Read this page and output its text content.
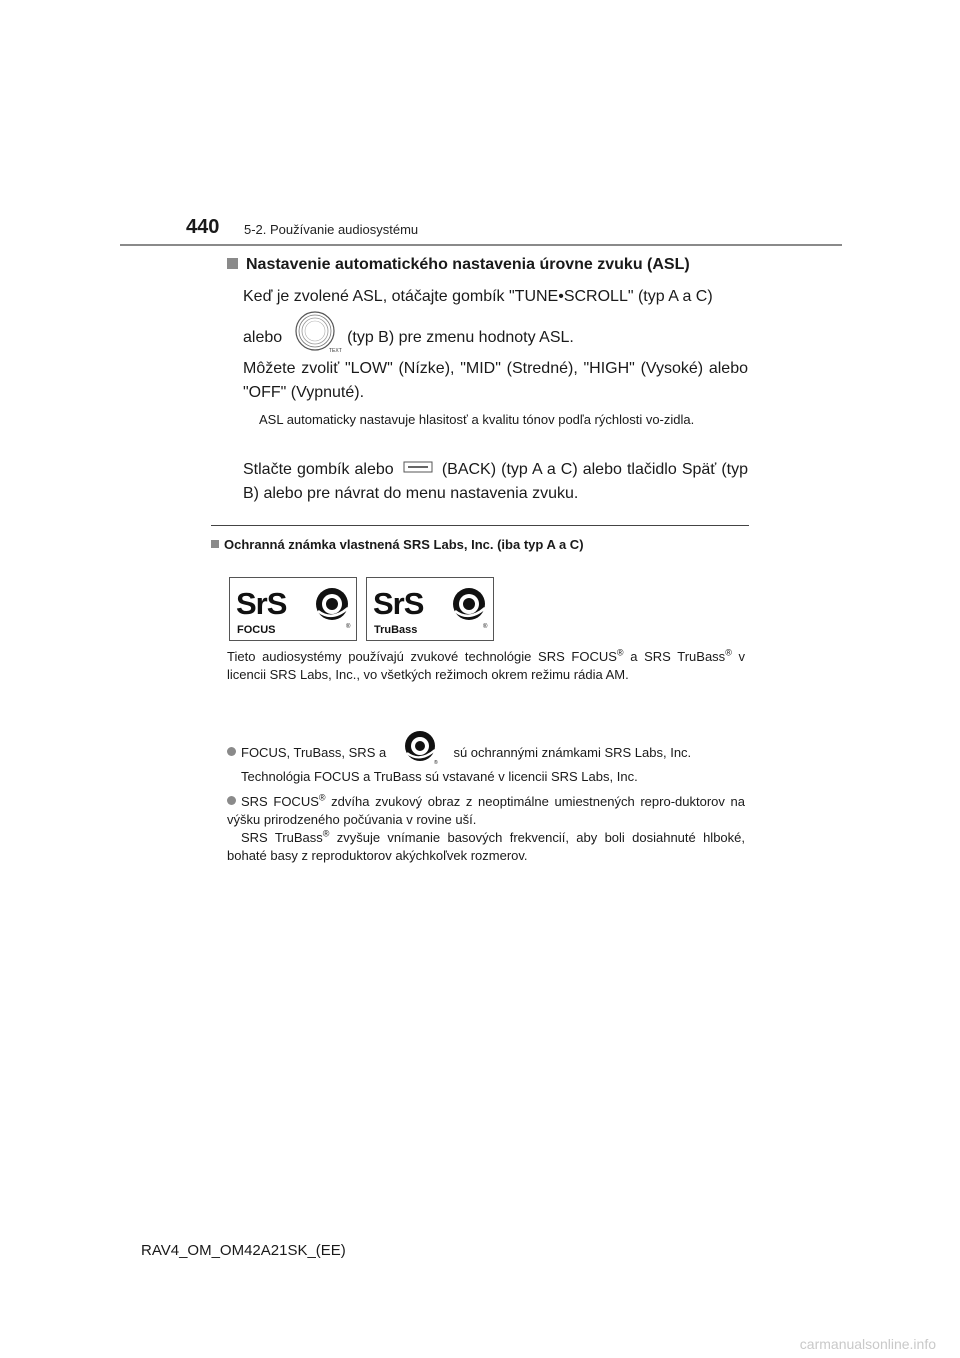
440 5-2. Používanie audiosystému
Nastavenie automatického nastavenia úrovne zvuku (ASL)
Keď je zvolené ASL, otáčajte gombík "TUNE•SCROLL" (typ A a C)
alebo
TEXT
(typ B) pre zmenu hodnoty ASL.
Môžete zvoliť "LOW" (Nízke), "MID" (Stredné), "HIGH" (Vysoké) alebo "OFF" (Vypnuté).
ASL automaticky nastavuje hlasitosť a kvalitu tónov podľa rýchlosti vo-zidla.
Stlačte gombík alebo	(BACK) (typ A a C) alebo tlačidlo Späť (typ B) alebo pre návrat do menu nastavenia zvuku.
Ochranná známka vlastnená SRS Labs, Inc. (iba typ A a C)
SrS
FOCUS	®
SrS
TruBass	®
Tieto audiosystémy používajú zvukové technológie SRS FOCUS® a SRS TruBass® v licencii SRS Labs, Inc., vo všetkých režimoch okrem režimu rádia AM.
FOCUS, TruBass, SRS a
®
sú ochrannými známkami SRS Labs, Inc.
Technológia FOCUS a TruBass sú vstavané v licencii SRS Labs, Inc.
SRS FOCUS® zdvíha zvukový obraz z neoptimálne umiestnených repro-duktorov na výšku prirodzeného počúvania v rovine uší.
SRS TruBass® zvyšuje vnímanie basových frekvencií, aby boli dosiahnuté hlboké, bohaté basy z reproduktorov akýchkoľvek rozmerov.
RAV4_OM_OM42A21SK_(EE)
carmanualsonline.info
